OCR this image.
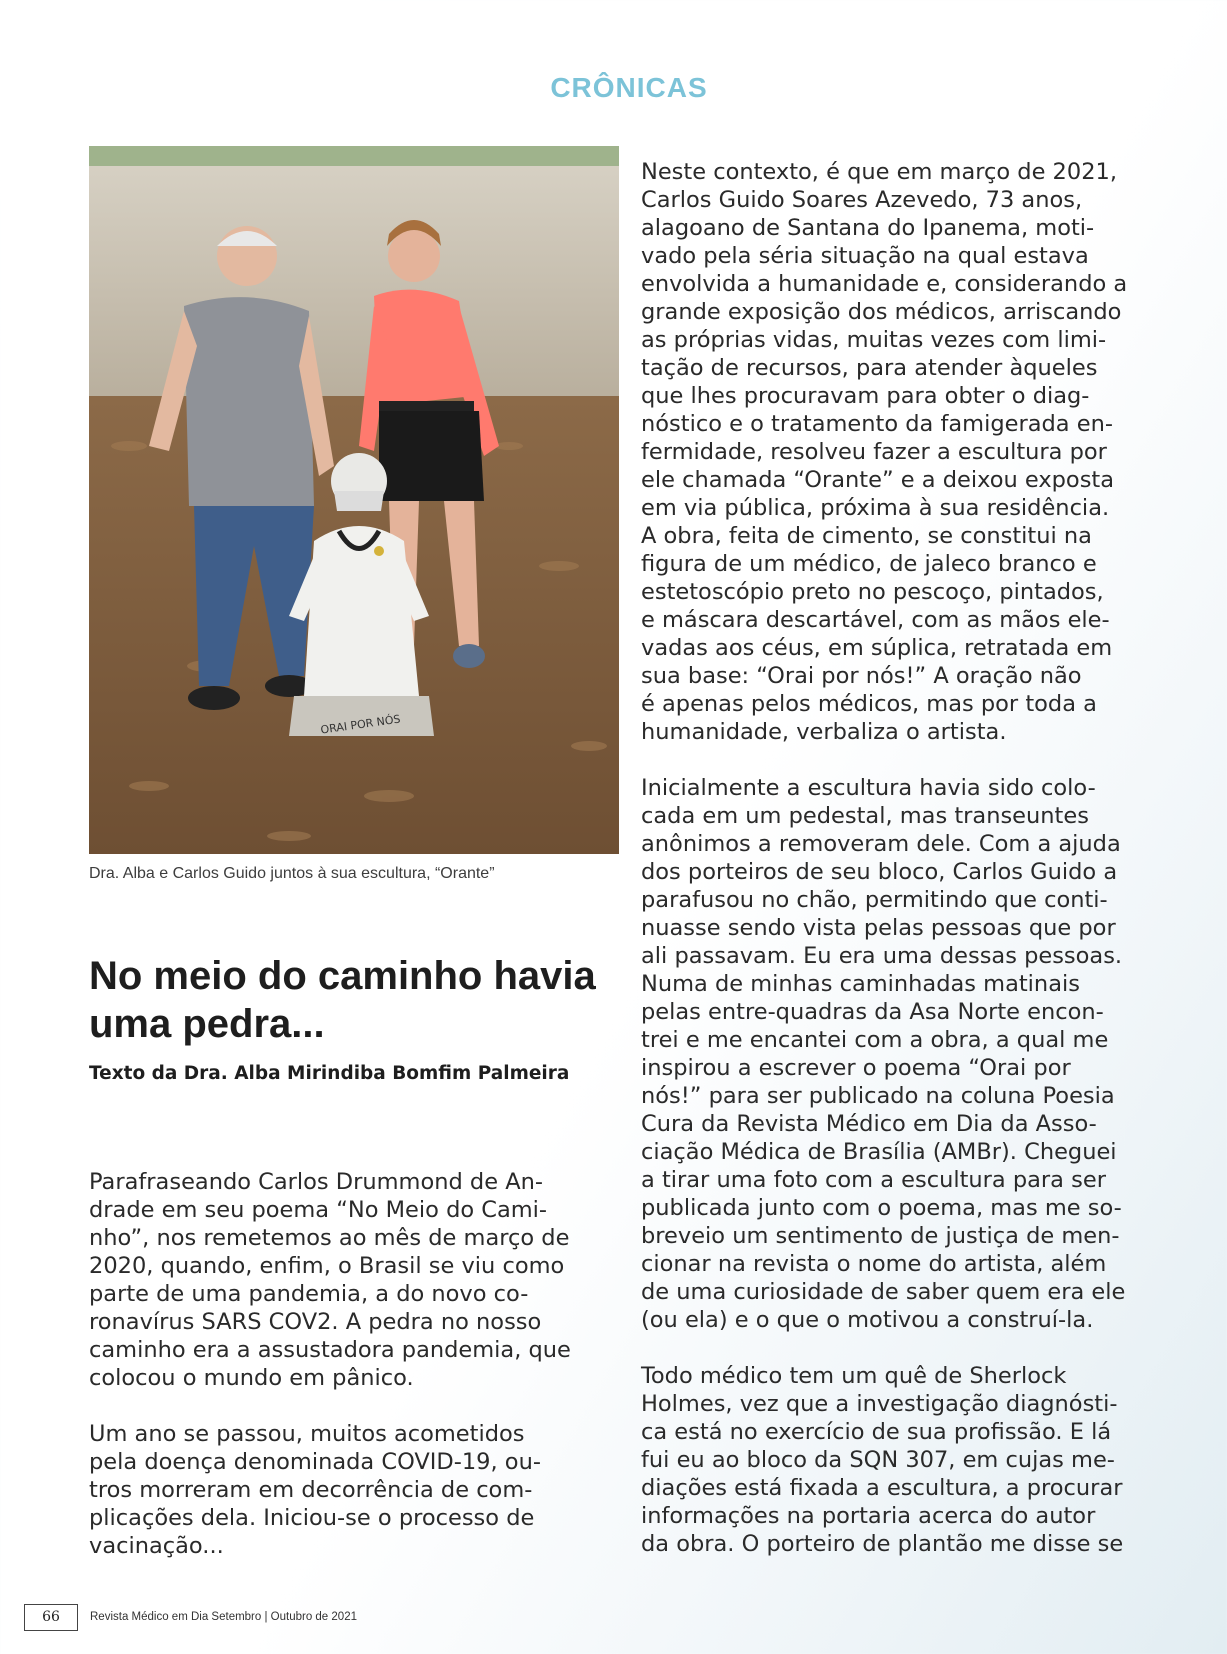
CRÔNICAS
ORAI POR NÓS
Dra. Alba e Carlos Guido juntos à sua escultura, “Orante”
No meio do caminho havia uma pedra...
Texto da Dra. Alba Mirindiba Bomfim Palmeira

Parafraseando Carlos Drummond de An-
drade em seu poema “No Meio do Cami-
nho”, nos remetemos ao mês de março de
2020, quando, enfim, o Brasil se viu como
parte de uma pandemia, a do novo co-
ronavírus SARS COV2. A pedra no nosso
caminho era a assustadora pandemia, que
colocou o mundo em pânico.

Um ano se passou, muitos acometidos
pela doença denominada COVID-19, ou-
tros morreram em decorrência de com-
plicações dela. Iniciou-se o processo de
vacinação...

Neste contexto, é que em março de 2021,
Carlos Guido Soares Azevedo, 73 anos,
alagoano de Santana do Ipanema, moti-
vado pela séria situação na qual estava
envolvida a humanidade e, considerando a
grande exposição dos médicos, arriscando
as próprias vidas, muitas vezes com limi-
tação de recursos, para atender àqueles
que lhes procuravam para obter o diag-
nóstico e o tratamento da famigerada en-
fermidade, resolveu fazer a escultura por
ele chamada “Orante” e a deixou exposta
em via pública, próxima à sua residência.
A obra, feita de cimento, se constitui na
figura de um médico, de jaleco branco e
estetoscópio preto no pescoço, pintados,
e máscara descartável, com as mãos ele-
vadas aos céus, em súplica, retratada em
sua base: “Orai por nós!” A oração não
é apenas pelos médicos, mas por toda a
humanidade, verbaliza o artista.

Inicialmente a escultura havia sido colo-
cada em um pedestal, mas transeuntes
anônimos a removeram dele. Com a ajuda
dos porteiros de seu bloco, Carlos Guido a
parafusou no chão, permitindo que conti-
nuasse sendo vista pelas pessoas que por
ali passavam. Eu era uma dessas pessoas.
Numa de minhas caminhadas matinais
pelas entre-quadras da Asa Norte encon-
trei e me encantei com a obra, a qual me
inspirou a escrever o poema “Orai por
nós!” para ser publicado na coluna Poesia
Cura da Revista Médico em Dia da Asso-
ciação Médica de Brasília (AMBr). Cheguei
a tirar uma foto com a escultura para ser
publicada junto com o poema, mas me so-
breveio um sentimento de justiça de men-
cionar na revista o nome do artista, além
de uma curiosidade de saber quem era ele
(ou ela) e o que o motivou a construí-la.

Todo médico tem um quê de Sherlock
Holmes, vez que a investigação diagnósti-
ca está no exercício de sua profissão. E lá
fui eu ao bloco da SQN 307, em cujas me-
diações está fixada a escultura, a procurar
informações na portaria acerca do autor
da obra. O porteiro de plantão me disse se

66	Revista Médico em Dia Setembro | Outubro de 2021
